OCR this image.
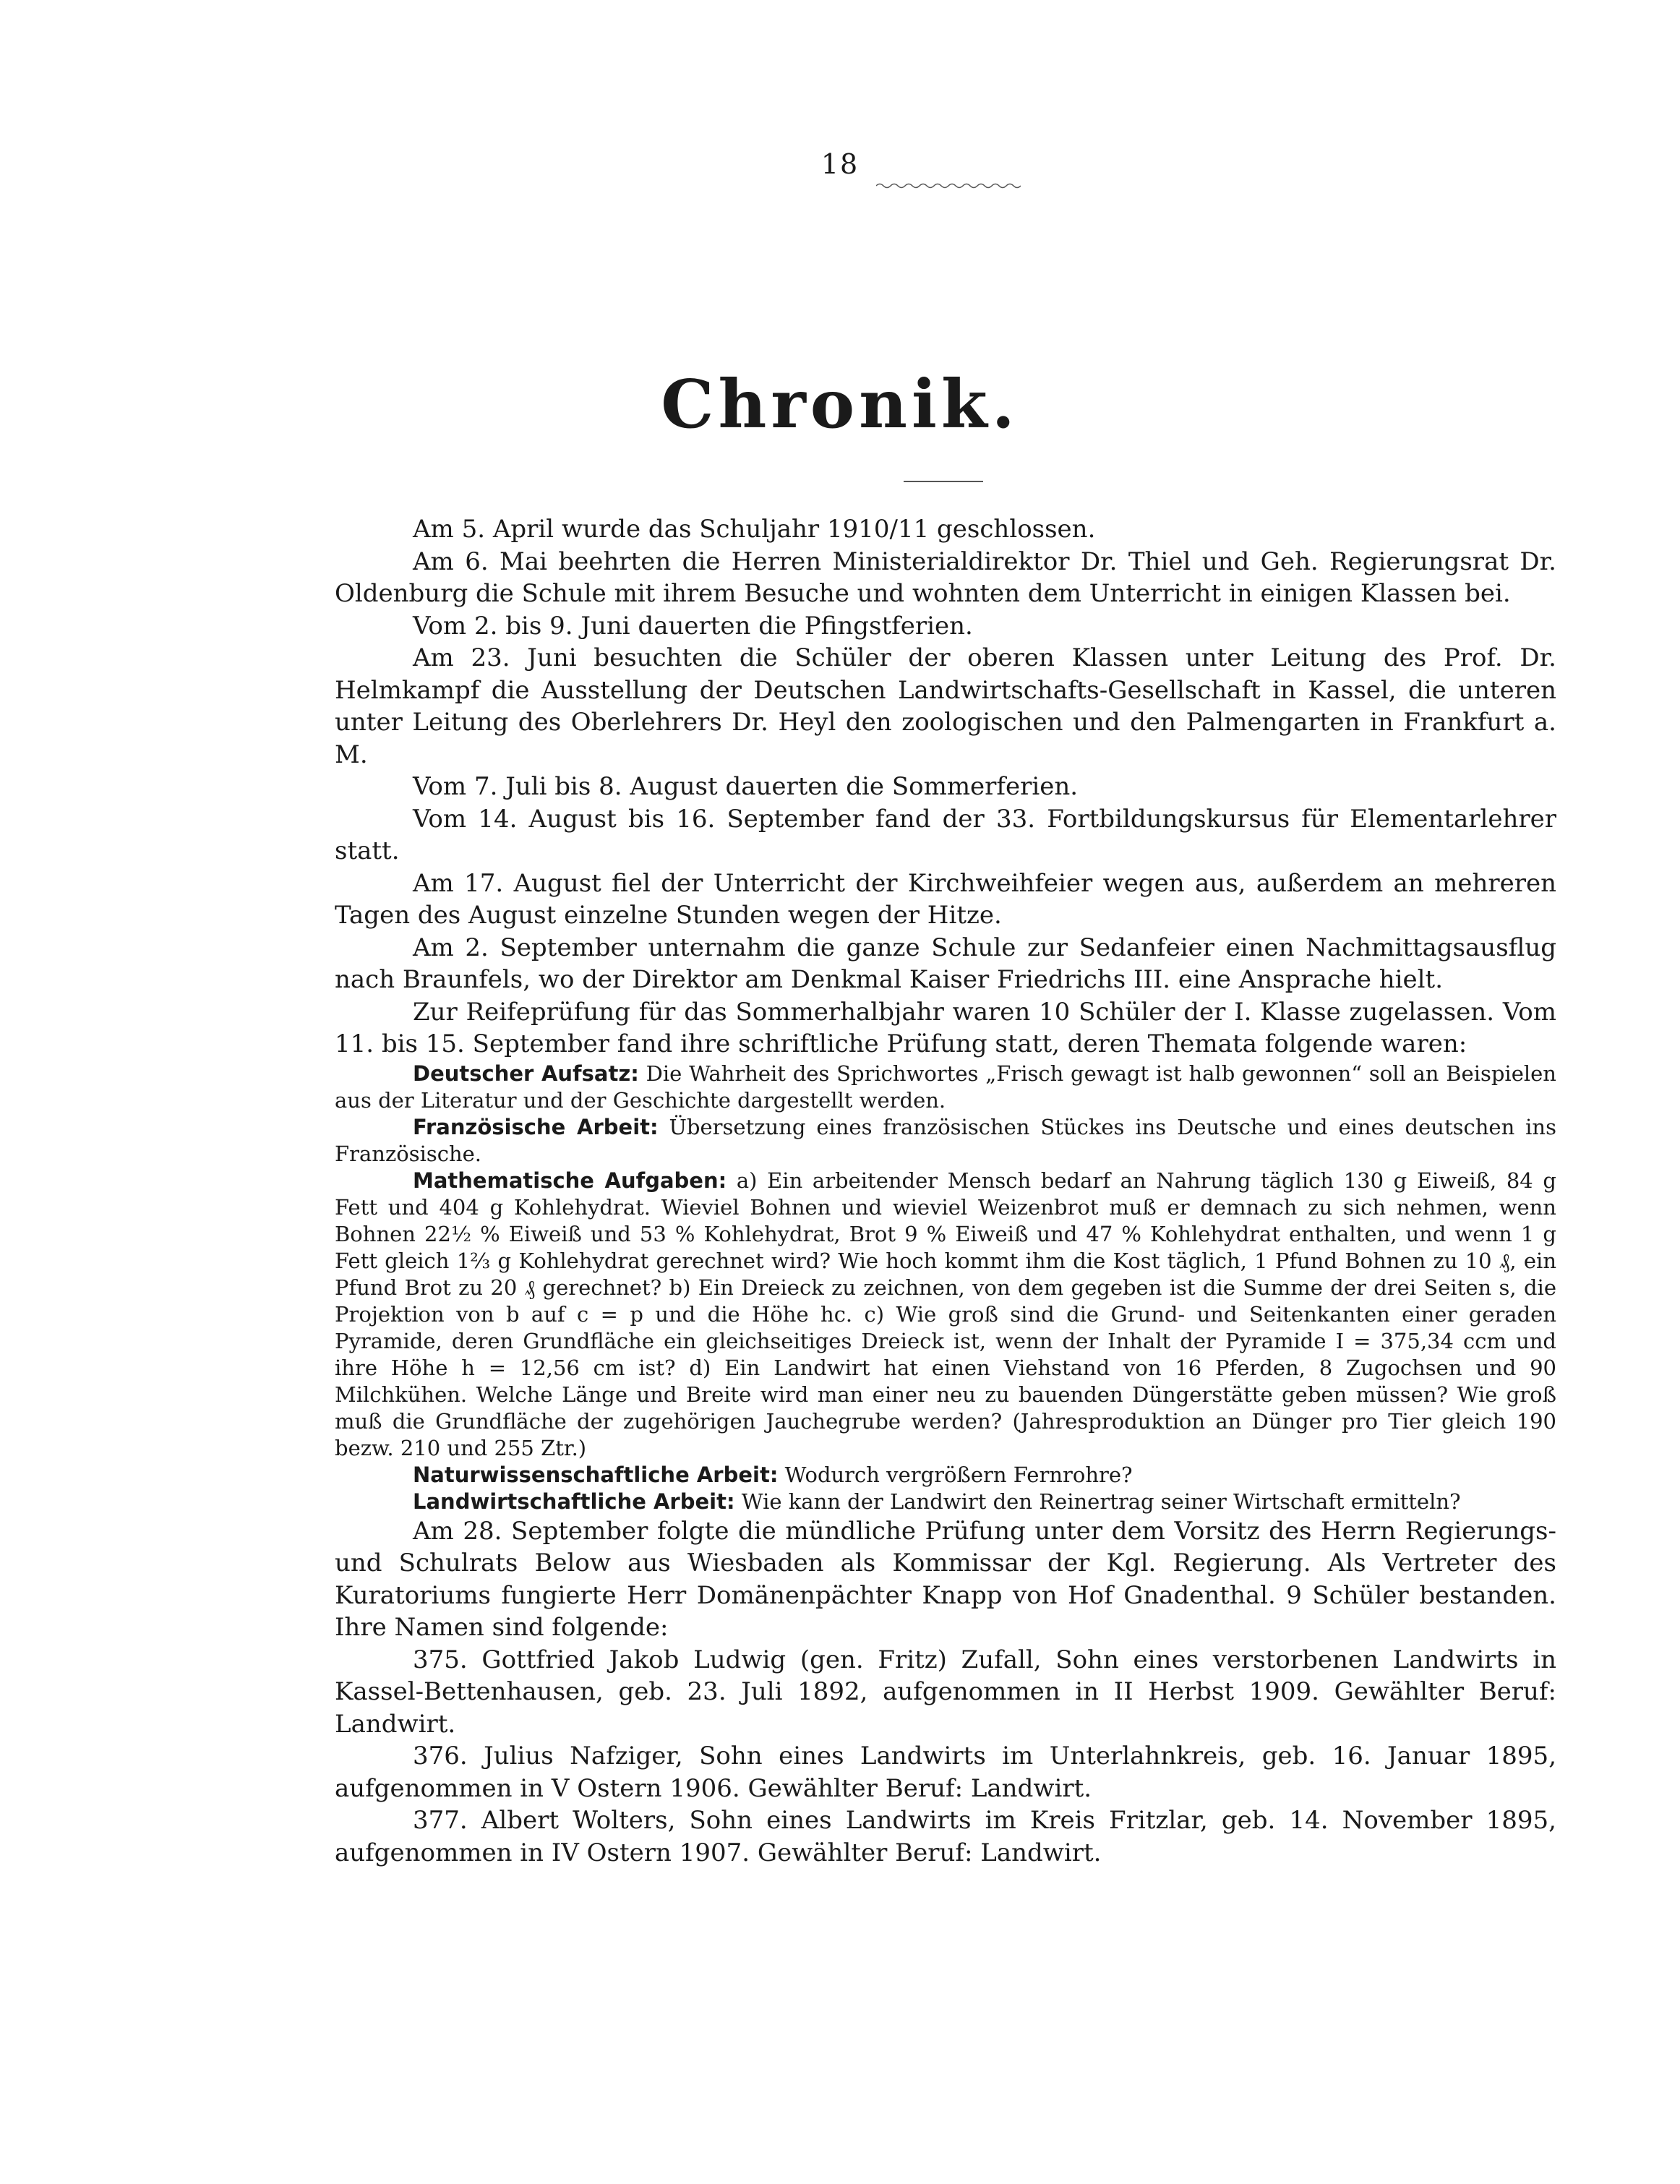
18
Chronik.

Am 5. April wurde das Schuljahr 1910/11 geschlossen.

Am 6. Mai beehrten die Herren Ministerialdirektor Dr. Thiel und Geh. Regierungsrat Dr. Oldenburg die Schule mit ihrem Besuche und wohnten dem Unterricht in einigen Klassen bei.

Vom 2. bis 9. Juni dauerten die Pfingstferien.

Am 23. Juni besuchten die Schüler der oberen Klassen unter Leitung des Prof. Dr. Helmkampf die Ausstellung der Deutschen Landwirtschafts-Gesellschaft in Kassel, die unteren unter Leitung des Oberlehrers Dr. Heyl den zoologischen und den Palmengarten in Frankfurt a. M.

Vom 7. Juli bis 8. August dauerten die Sommerferien.

Vom 14. August bis 16. September fand der 33. Fortbildungskursus für Elementarlehrer statt.

Am 17. August fiel der Unterricht der Kirchweihfeier wegen aus, außerdem an mehreren Tagen des August einzelne Stunden wegen der Hitze.

Am 2. September unternahm die ganze Schule zur Sedanfeier einen Nachmittagsausflug nach Braunfels, wo der Direktor am Denkmal Kaiser Friedrichs III. eine Ansprache hielt.

Zur Reifeprüfung für das Sommerhalbjahr waren 10 Schüler der I. Klasse zugelassen. Vom 11. bis 15. September fand ihre schriftliche Prüfung statt, deren Themata folgende waren:

Deutscher Aufsatz: Die Wahrheit des Sprichwortes „Frisch gewagt ist halb gewonnen“ soll an Beispielen aus der Literatur und der Geschichte dargestellt werden.

Französische Arbeit: Übersetzung eines französischen Stückes ins Deutsche und eines deutschen ins Französische.

Mathematische Aufgaben: a) Ein arbeitender Mensch bedarf an Nahrung täglich 130 g Eiweiß, 84 g Fett und 404 g Kohlehydrat. Wieviel Bohnen und wieviel Weizenbrot muß er demnach zu sich nehmen, wenn Bohnen 22½ % Eiweiß und 53 % Kohlehydrat, Brot 9 % Eiweiß und 47 % Kohlehydrat enthalten, und wenn 1 g Fett gleich 1⅔ g Kohlehydrat gerechnet wird? Wie hoch kommt ihm die Kost täglich, 1 Pfund Bohnen zu 10 ₰, ein Pfund Brot zu 20 ₰ gerechnet? b) Ein Dreieck zu zeichnen, von dem gegeben ist die Summe der drei Seiten s, die Projektion von b auf c = p und die Höhe hc. c) Wie groß sind die Grund- und Seitenkanten einer geraden Pyramide, deren Grundfläche ein gleichseitiges Dreieck ist, wenn der Inhalt der Pyramide I = 375,34 ccm und ihre Höhe h = 12,56 cm ist? d) Ein Landwirt hat einen Viehstand von 16 Pferden, 8 Zugochsen und 90 Milchkühen. Welche Länge und Breite wird man einer neu zu bauenden Düngerstätte geben müssen? Wie groß muß die Grundfläche der zugehörigen Jauchegrube werden? (Jahresproduktion an Dünger pro Tier gleich 190 bezw. 210 und 255 Ztr.)

Naturwissenschaftliche Arbeit: Wodurch vergrößern Fernrohre?

Landwirtschaftliche Arbeit: Wie kann der Landwirt den Reinertrag seiner Wirtschaft ermitteln?

Am 28. September folgte die mündliche Prüfung unter dem Vorsitz des Herrn Regierungs- und Schulrats Below aus Wiesbaden als Kommissar der Kgl. Regierung. Als Vertreter des Kuratoriums fungierte Herr Domänenpächter Knapp von Hof Gnadenthal. 9 Schüler bestanden. Ihre Namen sind folgende:

375. Gottfried Jakob Ludwig (gen. Fritz) Zufall, Sohn eines verstorbenen Landwirts in Kassel-Bettenhausen, geb. 23. Juli 1892, aufgenommen in II Herbst 1909. Gewählter Beruf: Landwirt.

376. Julius Nafziger, Sohn eines Landwirts im Unterlahnkreis, geb. 16. Januar 1895, aufgenommen in V Ostern 1906. Gewählter Beruf: Landwirt.

377. Albert Wolters, Sohn eines Landwirts im Kreis Fritzlar, geb. 14. November 1895, aufgenommen in IV Ostern 1907. Gewählter Beruf: Landwirt.
